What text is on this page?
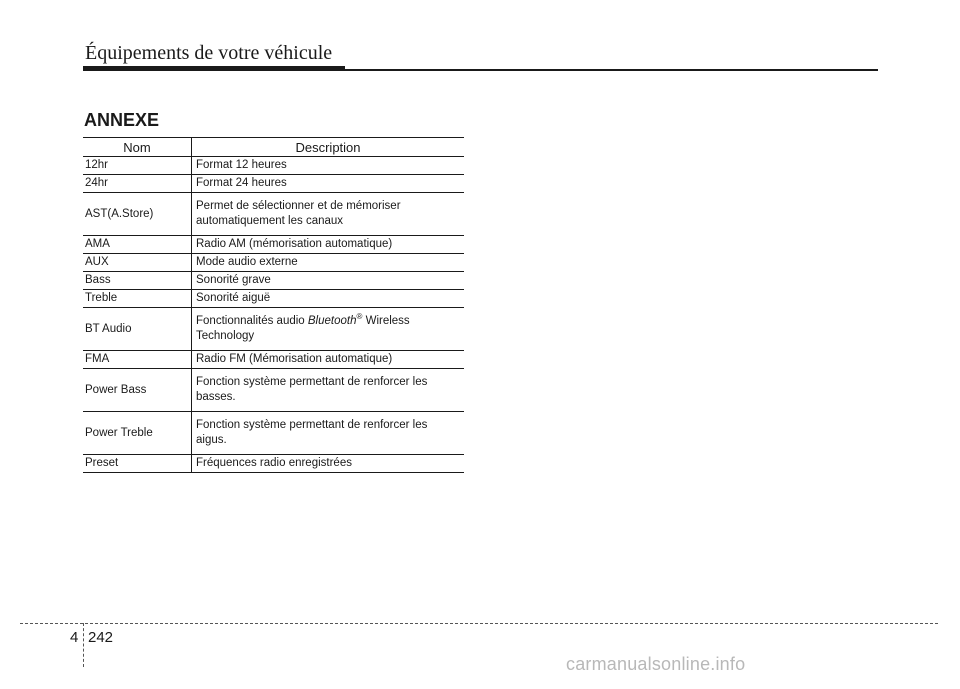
Équipements de votre véhicule
ANNEXE
Nom	Description
12hr	Format 12 heures
24hr	Format 24 heures
AST(A.Store)	Permet de sélectionner et de mémoriser
automatiquement les canaux
AMA	Radio AM (mémorisation automatique)
AUX	Mode audio externe
Bass	Sonorité grave
Treble	Sonorité aiguë
BT Audio	Fonctionnalités audio Bluetooth® Wireless
Technology
FMA	Radio FM (Mémorisation automatique)
Power Bass	Fonction système permettant de renforcer les
basses.
Power Treble	Fonction système permettant de renforcer les
aigus.
Preset	Fréquences radio enregistrées
4 242
carmanualsonline.info
